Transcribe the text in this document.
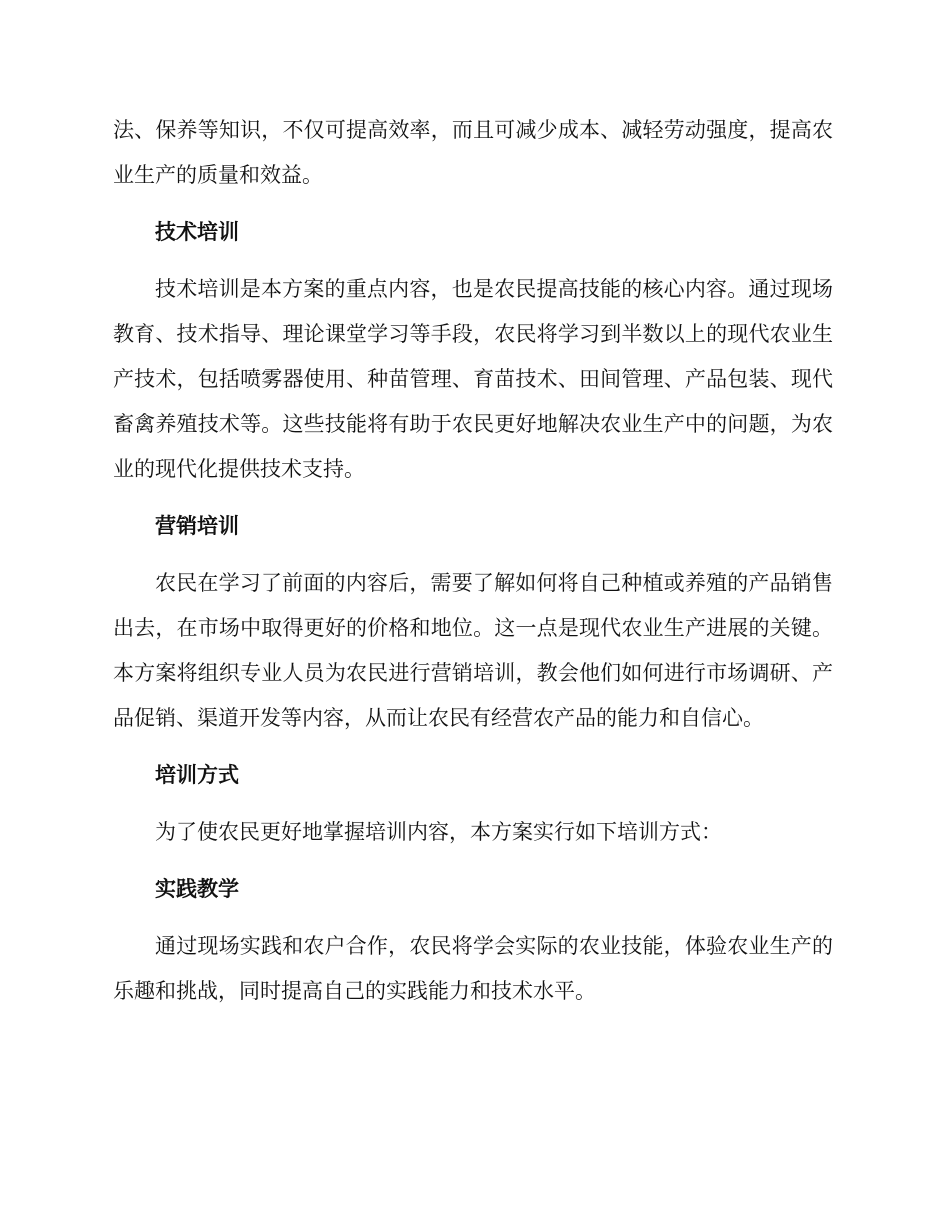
法、保养等知识，不仅可提高效率，而且可减少成本、减轻劳动强度，提高农业生产的质量和效益。

技术培训

技术培训是本方案的重点内容，也是农民提高技能的核心内容。通过现场教育、技术指导、理论课堂学习等手段，农民将学习到半数以上的现代农业生产技术，包括喷雾器使用、种苗管理、育苗技术、田间管理、产品包装、现代畜禽养殖技术等。这些技能将有助于农民更好地解决农业生产中的问题，为农业的现代化提供技术支持。

营销培训

农民在学习了前面的内容后，需要了解如何将自己种植或养殖的产品销售出去，在市场中取得更好的价格和地位。这一点是现代农业生产进展的关键。本方案将组织专业人员为农民进行营销培训，教会他们如何进行市场调研、产品促销、渠道开发等内容，从而让农民有经营农产品的能力和自信心。

培训方式

为了使农民更好地掌握培训内容，本方案实行如下培训方式：

实践教学

通过现场实践和农户合作，农民将学会实际的农业技能，体验农业生产的乐趣和挑战，同时提高自己的实践能力和技术水平。
